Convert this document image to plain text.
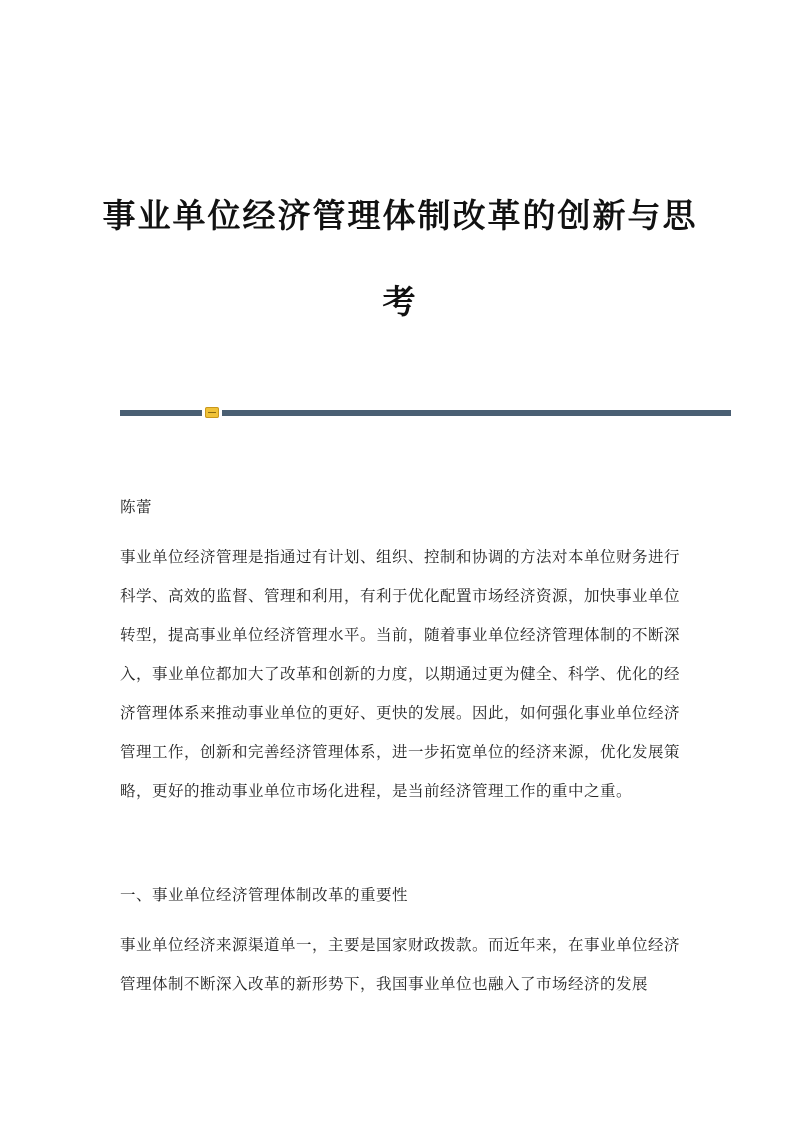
事业单位经济管理体制改革的创新与思
考

陈蕾

事业单位经济管理是指通过有计划、组织、控制和协调的方法对本单位财务进行科学、高效的监督、管理和利用，有利于优化配置市场经济资源，加快事业单位转型，提高事业单位经济管理水平。当前，随着事业单位经济管理体制的不断深入，事业单位都加大了改革和创新的力度，以期通过更为健全、科学、优化的经济管理体系来推动事业单位的更好、更快的发展。因此，如何强化事业单位经济管理工作，创新和完善经济管理体系，进一步拓宽单位的经济来源，优化发展策略，更好的推动事业单位市场化进程，是当前经济管理工作的重中之重。

一、事业单位经济管理体制改革的重要性

事业单位经济来源渠道单一，主要是国家财政拨款。而近年来，在事业单位经济管理体制不断深入改革的新形势下，我国事业单位也融入了市场经济的发展
